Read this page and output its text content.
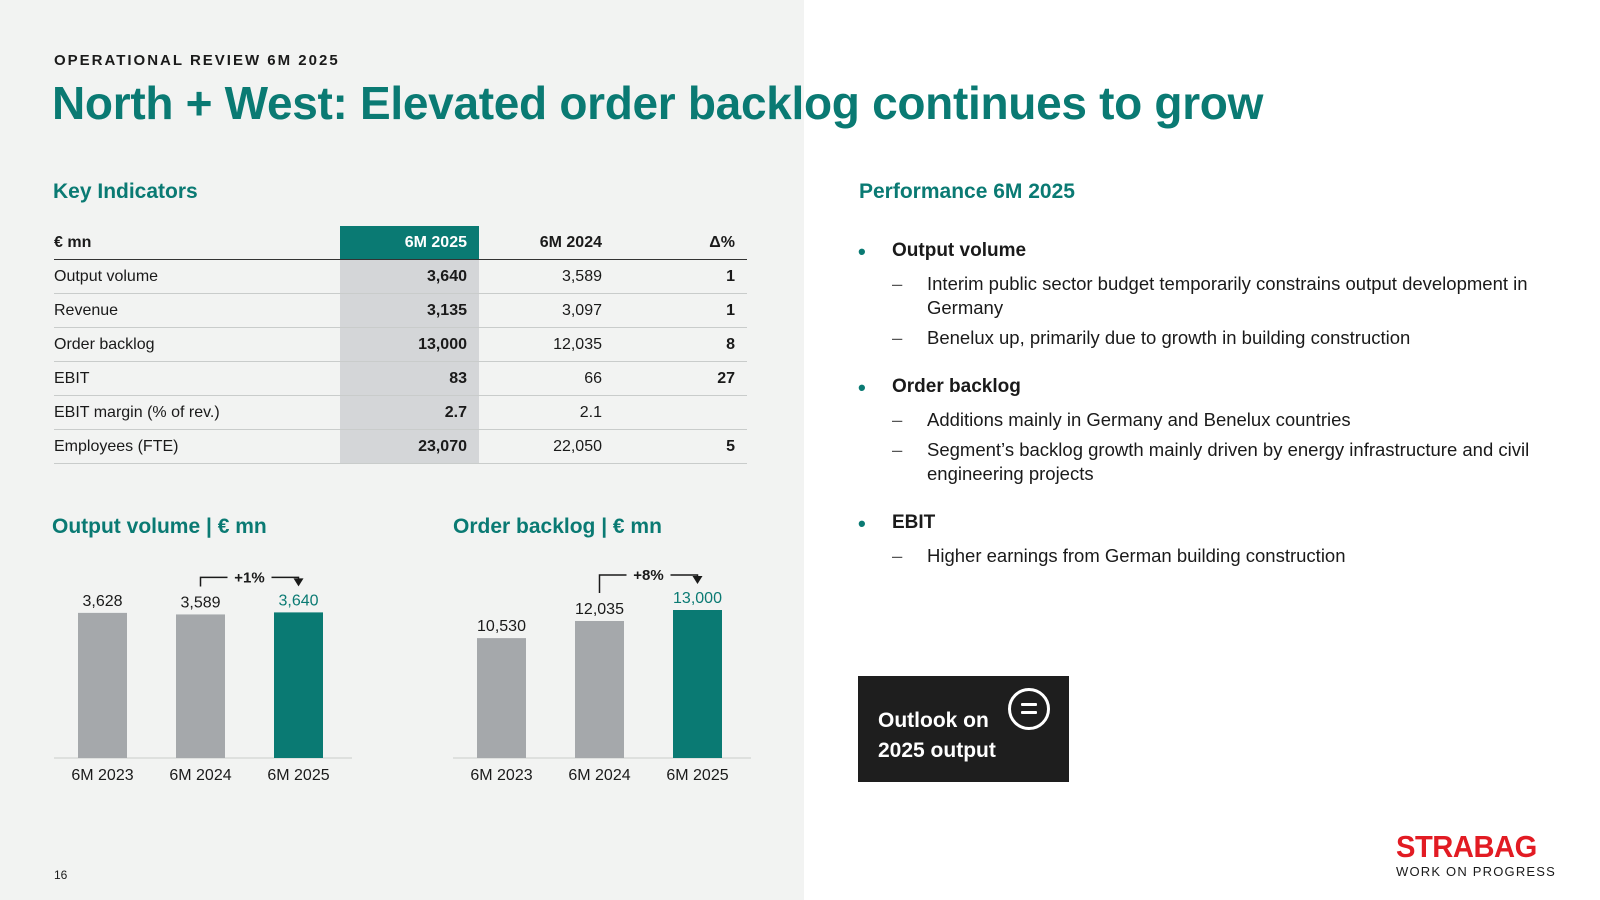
OPERATIONAL REVIEW 6M 2025
North + West: Elevated order backlog continues to grow
Key Indicators
€ mn	6M 2025	6M 2024	Δ%
Output volume	3,640	3,589	1
Revenue	3,135	3,097	1
Order backlog	13,000	12,035	8
EBIT	83	66	27
EBIT margin (% of rev.)	2.7	2.1	
Employees (FTE)	23,070	22,050	5
Output volume | € mn	Order backlog | € mn
3,628
6M 2023
3,589
6M 2024
3,640
6M 2025
+1%
10,530
6M 2023
12,035
6M 2024
13,000
6M 2025
+8%
Performance 6M 2025
• Output volume
– Interim public sector budget temporarily constrains output development in Germany
– Benelux up, primarily due to growth in building construction
• Order backlog
– Additions mainly in Germany and Benelux countries
– Segment’s backlog growth mainly driven by energy infrastructure and civil engineering projects
• EBIT
– Higher earnings from German building construction
Outlook on
2025 output
16
STRABAG
WORK ON PROGRESS
